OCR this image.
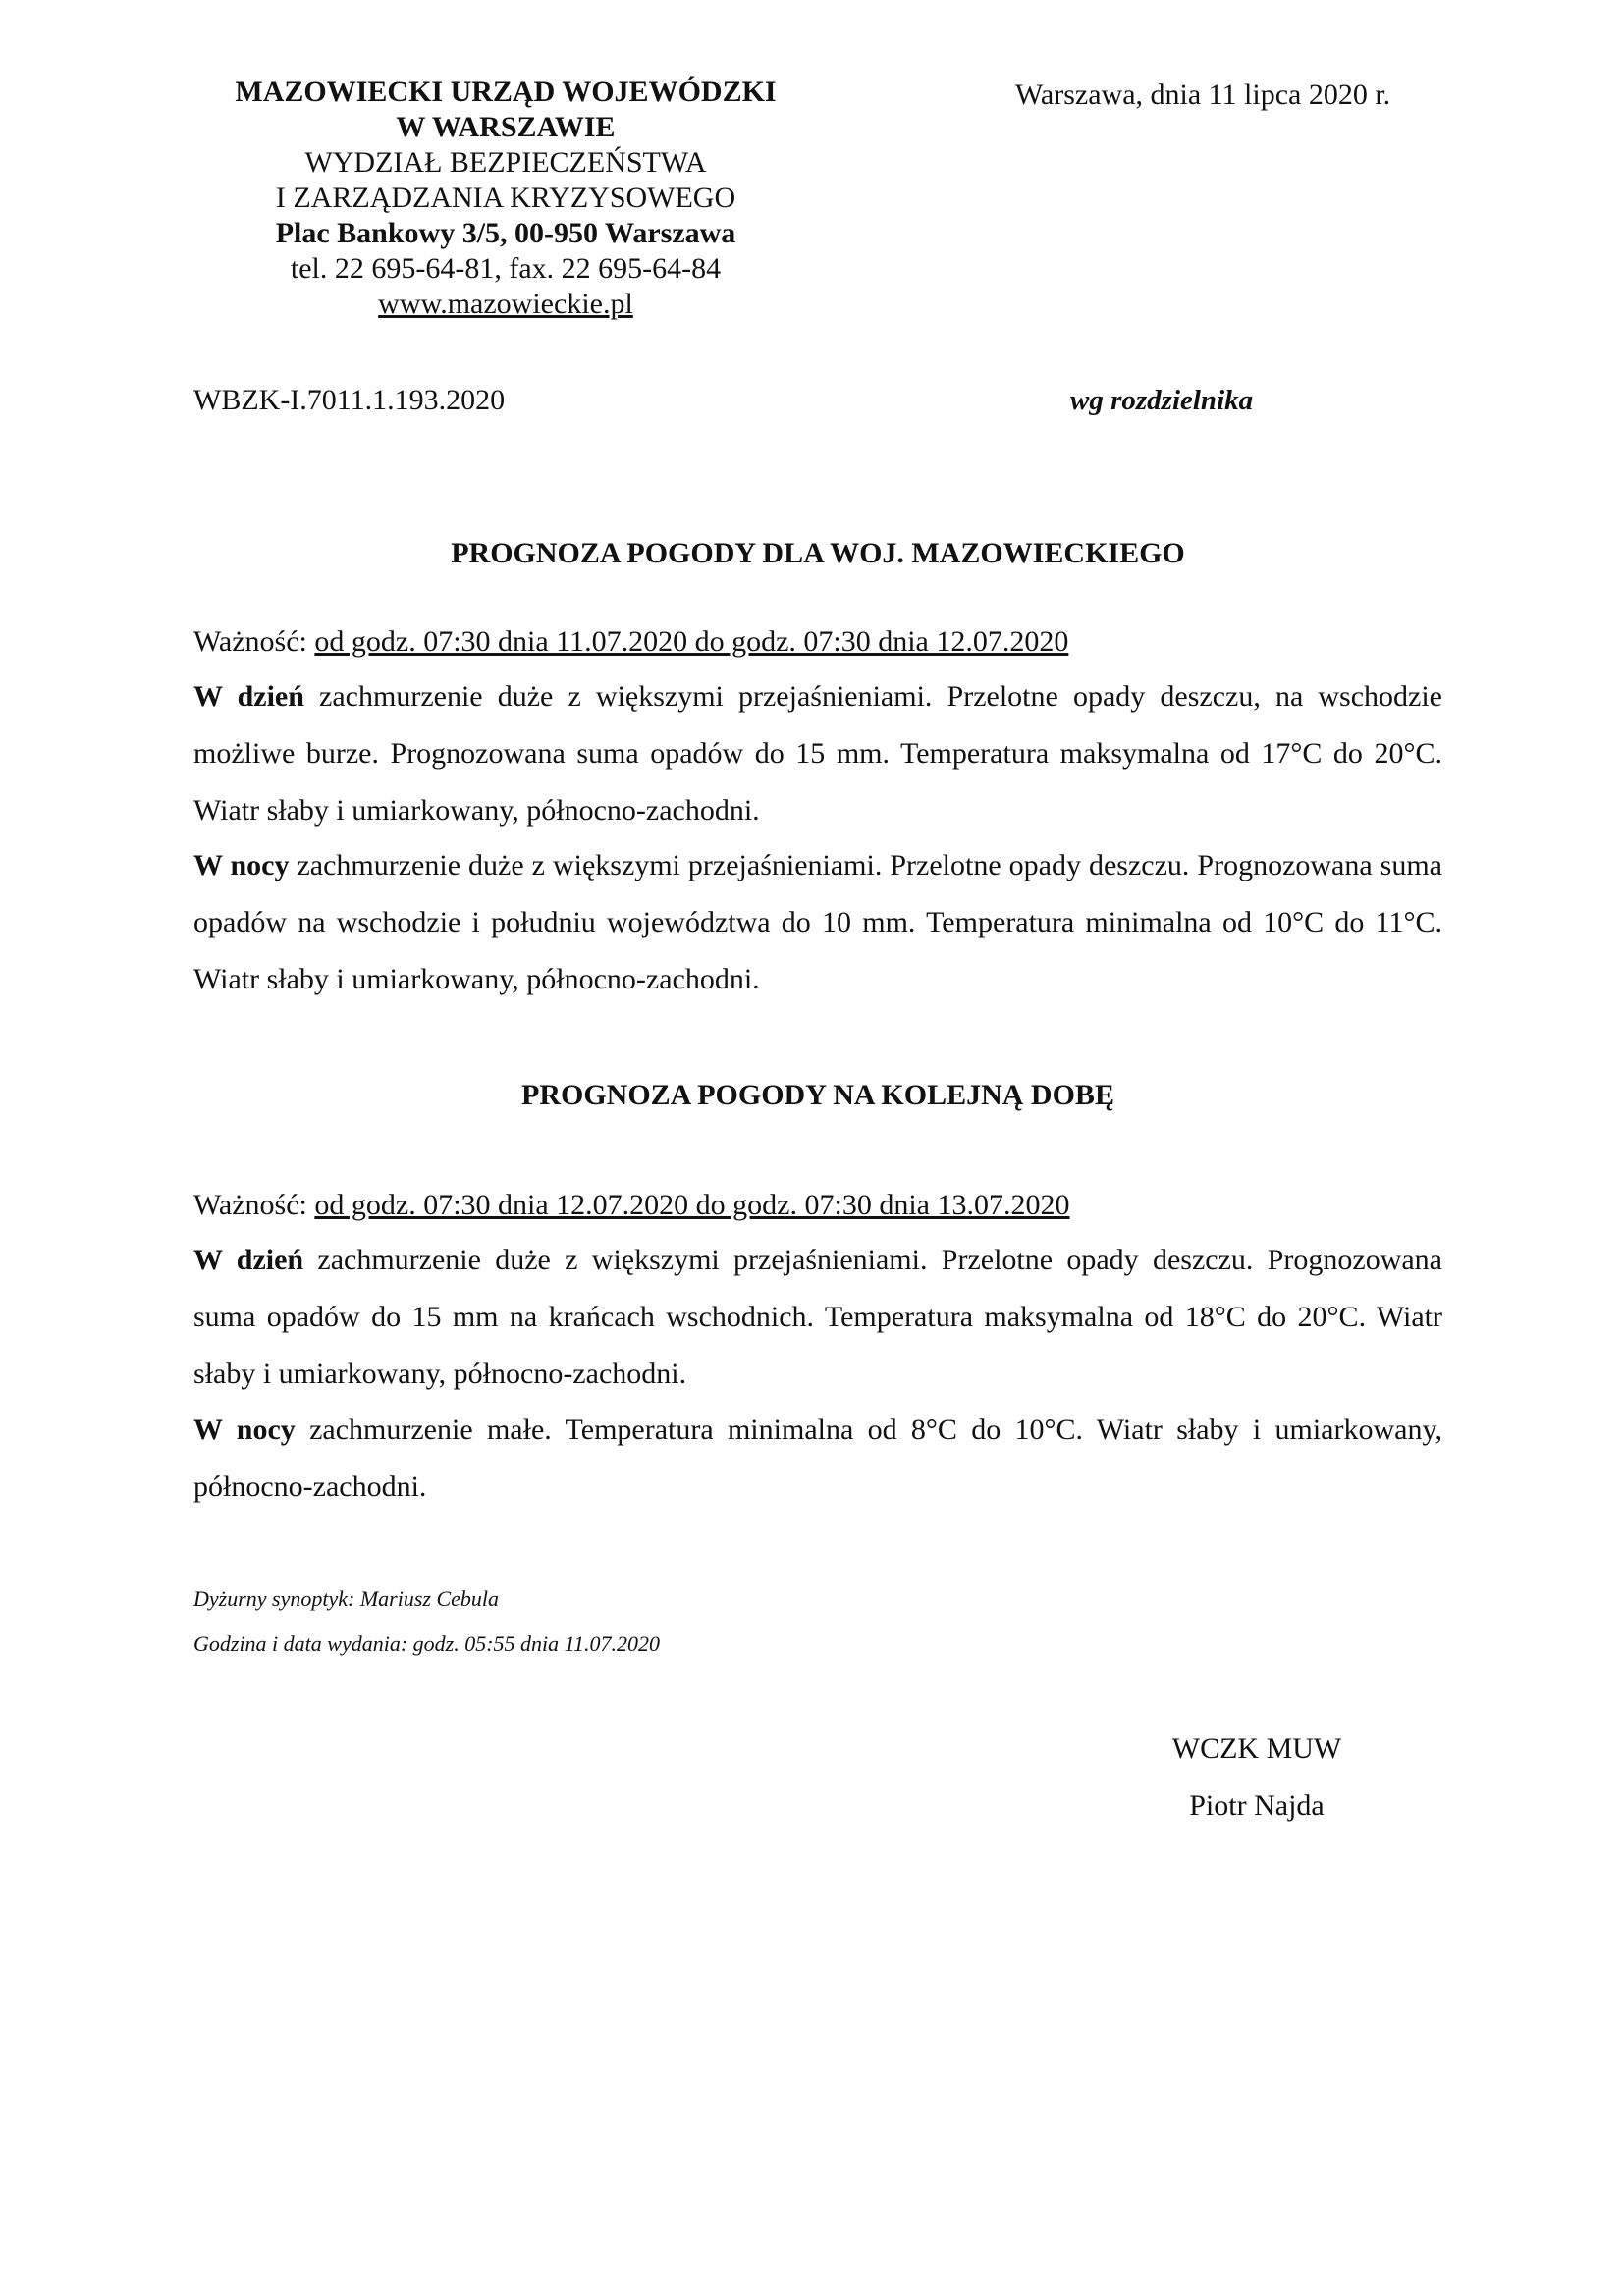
MAZOWIECKI URZĄD WOJEWÓDZKI
W WARSZAWIE
WYDZIAŁ BEZPIECZEŃSTWA
I ZARZĄDZANIA KRYZYSOWEGO
Plac Bankowy 3/5, 00-950 Warszawa
tel. 22 695-64-81, fax. 22 695-64-84
www.mazowieckie.pl
Warszawa, dnia 11 lipca 2020 r.
WBZK-I.7011.1.193.2020	wg rozdzielnika
PROGNOZA POGODY DLA WOJ. MAZOWIECKIEGO
Ważność: od godz. 07:30 dnia 11.07.2020 do godz. 07:30 dnia 12.07.2020
W dzień zachmurzenie duże z większymi przejaśnieniami. Przelotne opady deszczu, na wschodzie możliwe burze. Prognozowana suma opadów do 15 mm. Temperatura maksymalna od 17°C do 20°C. Wiatr słaby i umiarkowany, północno-zachodni.
W nocy zachmurzenie duże z większymi przejaśnieniami. Przelotne opady deszczu. Prognozowana suma opadów na wschodzie i południu województwa do 10 mm. Temperatura minimalna od 10°C do 11°C. Wiatr słaby i umiarkowany, północno-zachodni.
PROGNOZA POGODY NA KOLEJNĄ DOBĘ
Ważność: od godz. 07:30 dnia 12.07.2020 do godz. 07:30 dnia 13.07.2020
W dzień zachmurzenie duże z większymi przejaśnieniami. Przelotne opady deszczu. Prognozowana suma opadów do 15 mm na krańcach wschodnich. Temperatura maksymalna od 18°C do 20°C. Wiatr słaby i umiarkowany, północno-zachodni.
W nocy zachmurzenie małe. Temperatura minimalna od 8°C do 10°C. Wiatr słaby i umiarkowany, północno-zachodni.
Dyżurny synoptyk: Mariusz Cebula
Godzina i data wydania: godz. 05:55 dnia 11.07.2020
WCZK MUW
Piotr Najda
